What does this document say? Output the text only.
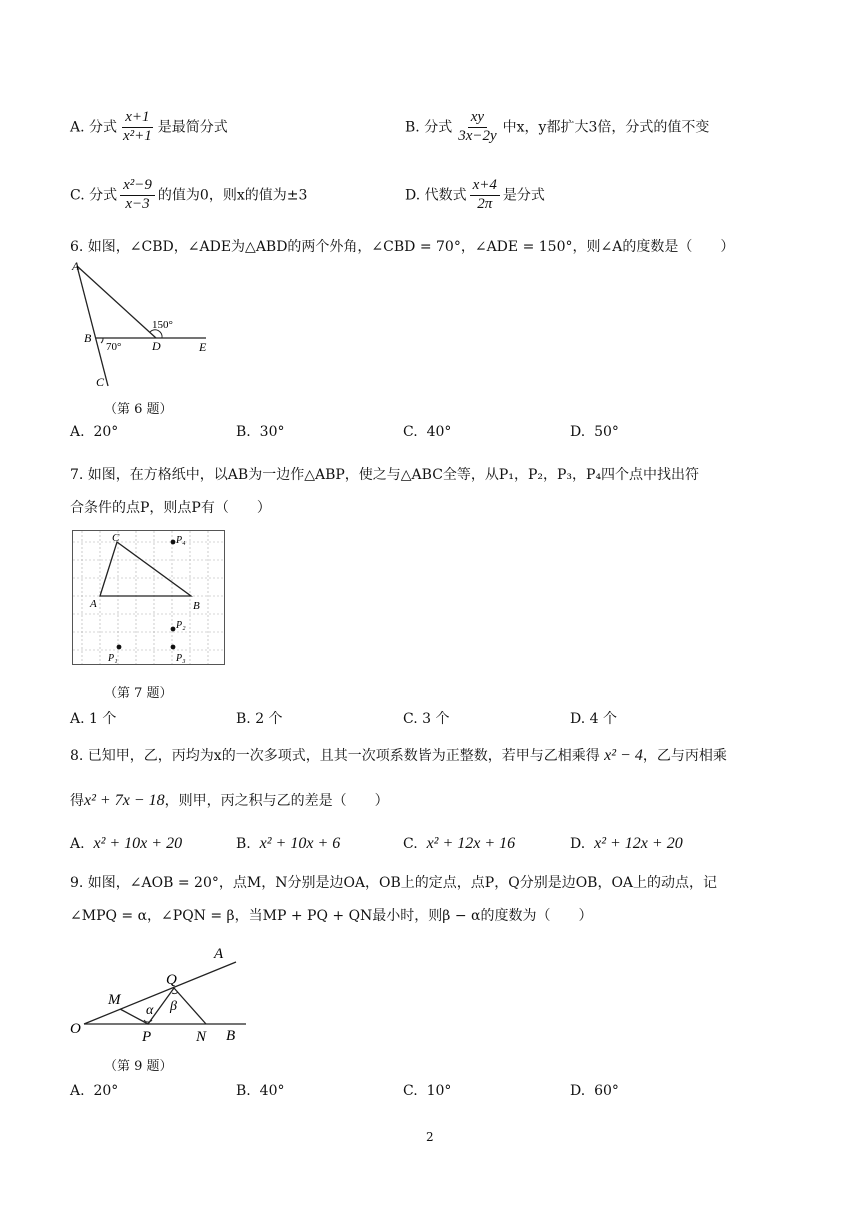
A. 分式 $\frac{x+1}{\text{x²+1}}$ 是最简分式	B. 分式 $\frac{xy}{3x-2y}$ 中x，y都扩大3倍，分式的值不变
C. 分式 $\frac{\text{x²−9}}{x-3}$ 的值为0，则x的值为±3	D. 代数式 $\frac{x+4}{2\pi}$ 是分式
6. 如图，∠CBD，∠ADE为△ABD的两个外角，∠CBD = 70°，∠ADE = 150°，则∠A的度数是（　　）
A
B
C
D	E
150°
70°
（第 6 题）
A. 20°	B. 30°	C. 40°	D. 50°
7. 如图，在方格纸中，以AB为一边作△ABP，使之与△ABC全等，从P₁，P₂，P₃，P₄四个点中找出符
合条件的点P，则点P有（　　）
A	B
C	P₄
P₂
P₃
P₁
（第 7 题）
A. 1 个	B. 2 个	C. 3 个	D. 4 个
8. 已知甲，乙，丙均为x的一次多项式，且其一次项系数皆为正整数，若甲与乙相乘得 x² − 4，乙与丙相乘
得x² + 7x − 18，则甲，丙之积与乙的差是（　　）
A. x² + 10x + 20	B. x² + 10x + 6	C. x² + 12x + 16	D. x² + 12x + 20
9. 如图，∠AOB = 20°，点M，N分别是边OA，OB上的定点，点P，Q分别是边OB，OA上的动点，记
∠MPQ = α，∠PQN = β，当MP + PQ + QN最小时，则β − α的度数为（　　）
O
A
B
M
Q
P	N
α β
（第 9 题）
A. 20°	B. 40°	C. 10°	D. 60°
2
